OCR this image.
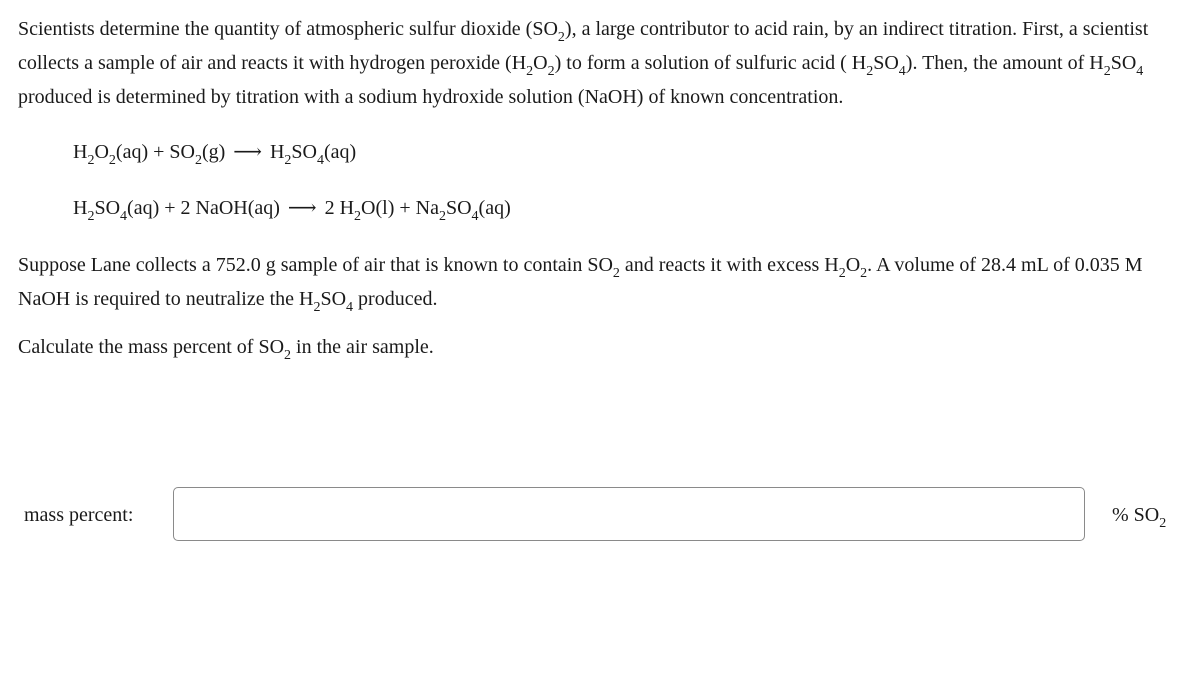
Scientists determine the quantity of atmospheric sulfur dioxide $(SO_2)$, a large contributor to acid rain, by an indirect titration. First, a scientist collects a sample of air and reacts it with hydrogen peroxide $(H_2O_2)$ to form a solution of sulfuric acid ( $H_2SO_4$). Then, the amount of $H_2SO_4$ produced is determined by titration with a sodium hydroxide solution (NaOH) of known concentration.

$H_2O_2(aq) + SO_2(g)$ ⟶ $H_2SO_4(aq)$
$H_2SO_4(aq) + 2$ NaOH(aq) ⟶ 2 $H_2O(l) + Na_2SO_4(aq)$

Suppose Lane collects a 752.0 g sample of air that is known to contain $SO_2$ and reacts it with excess $H_2O_2$. A volume of 28.4 mL of 0.035 M NaOH is required to neutralize the $H_2SO_4$ produced.

Calculate the mass percent of $SO_2$ in the air sample.

mass percent:	% $SO_2$
